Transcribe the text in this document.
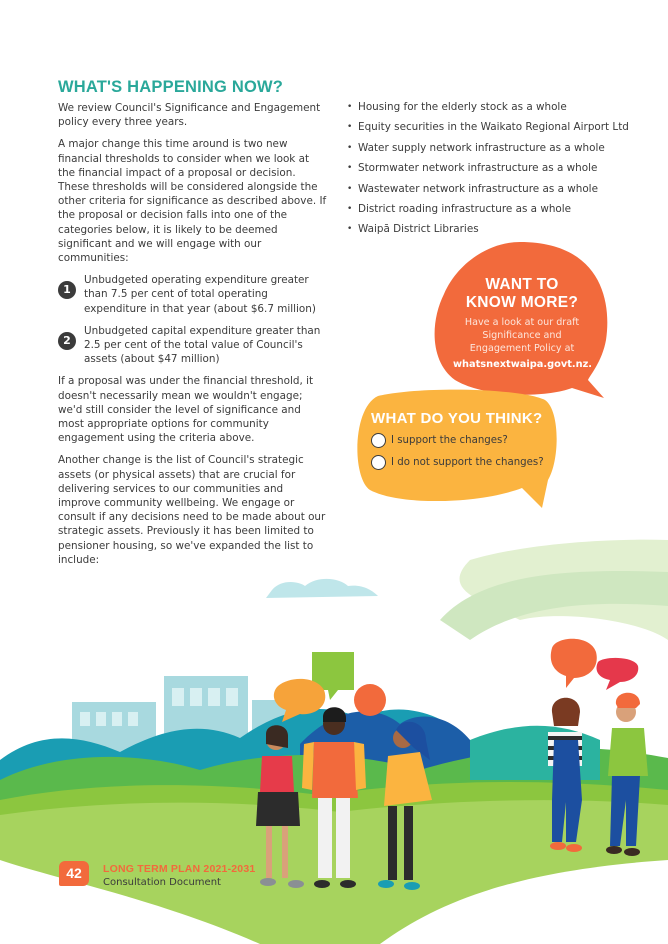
WHAT'S HAPPENING NOW?

We review Council's Significance and Engagement policy every three years.

A major change this time around is two new financial thresholds to consider when we look at the financial impact of a proposal or decision. These thresholds will be considered alongside the other criteria for significance as described above. If the proposal or decision falls into one of the categories below, it is likely to be deemed significant and we will engage with our communities:

1
Unbudgeted operating expenditure greater than 7.5 per cent of total operating expenditure in that year (about $6.7 million)
2
Unbudgeted capital expenditure greater than 2.5 per cent of the total value of Council's assets (about $47 million)

If a proposal was under the financial threshold, it doesn't necessarily mean we wouldn't engage; we'd still consider the level of significance and most appropriate options for community engagement using the criteria above.

Another change is the list of Council's strategic assets (or physical assets) that are crucial for delivering services to our communities and improve community wellbeing. We engage or consult if any decisions need to be made about our strategic assets. Previously it has been limited to pensioner housing, so we've expanded the list to include:

• Housing for the elderly stock as a whole
• Equity securities in the Waikato Regional Airport Ltd
• Water supply network infrastructure as a whole
• Stormwater network infrastructure as a whole
• Wastewater network infrastructure as a whole
• District roading infrastructure as a whole
• Waipā District Libraries
WANT TO
KNOW MORE?
Have a look at our draft Significance and Engagement Policy at
whatsnextwaipa.govt.nz.
WHAT DO YOU THINK?
I support the changes?
I do not support the changes?
42	LONG TERM PLAN 2021-2031
Consultation Document
